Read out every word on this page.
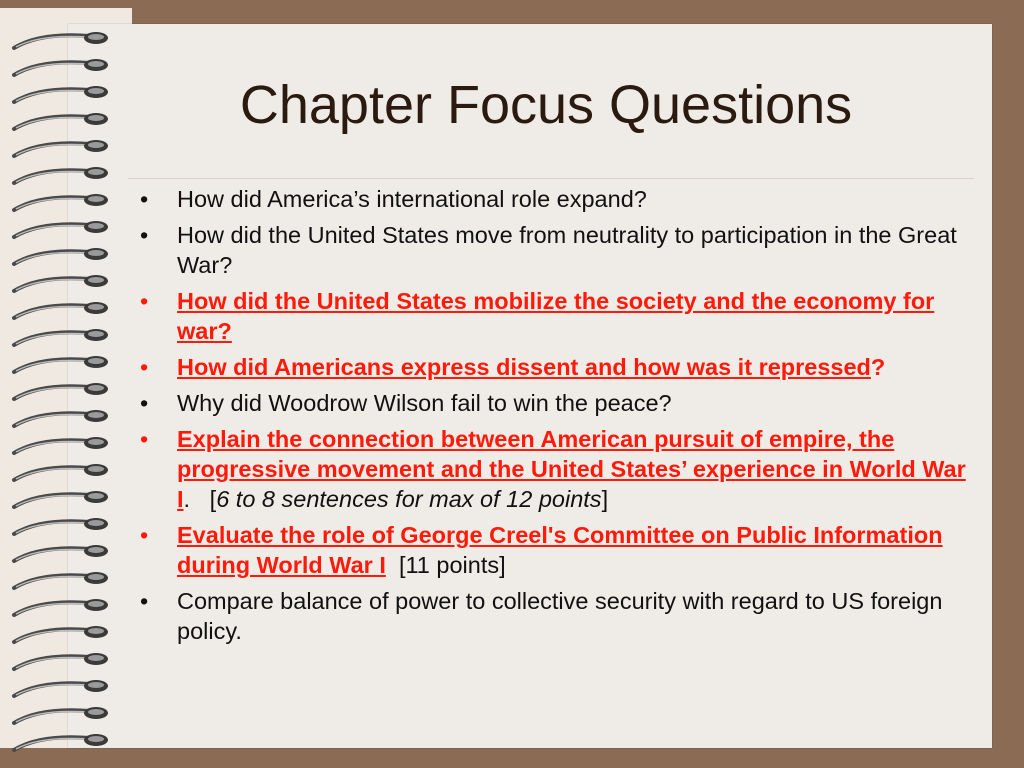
Chapter Focus Questions
• How did America’s international role expand?
• How did the United States move from neutrality to participation in the Great War?
• How did the United States mobilize the society and the economy for war?
• How did Americans express dissent and how was it repressed?
• Why did Woodrow Wilson fail to win the peace?
• Explain the connection between American pursuit of empire, the progressive movement and the United States’ experience in World War I. [6 to 8 sentences for max of 12 points]
• Evaluate the role of George Creel's Committee on Public Information during World War I [11 points]
• Compare balance of power to collective security with regard to US foreign policy.
